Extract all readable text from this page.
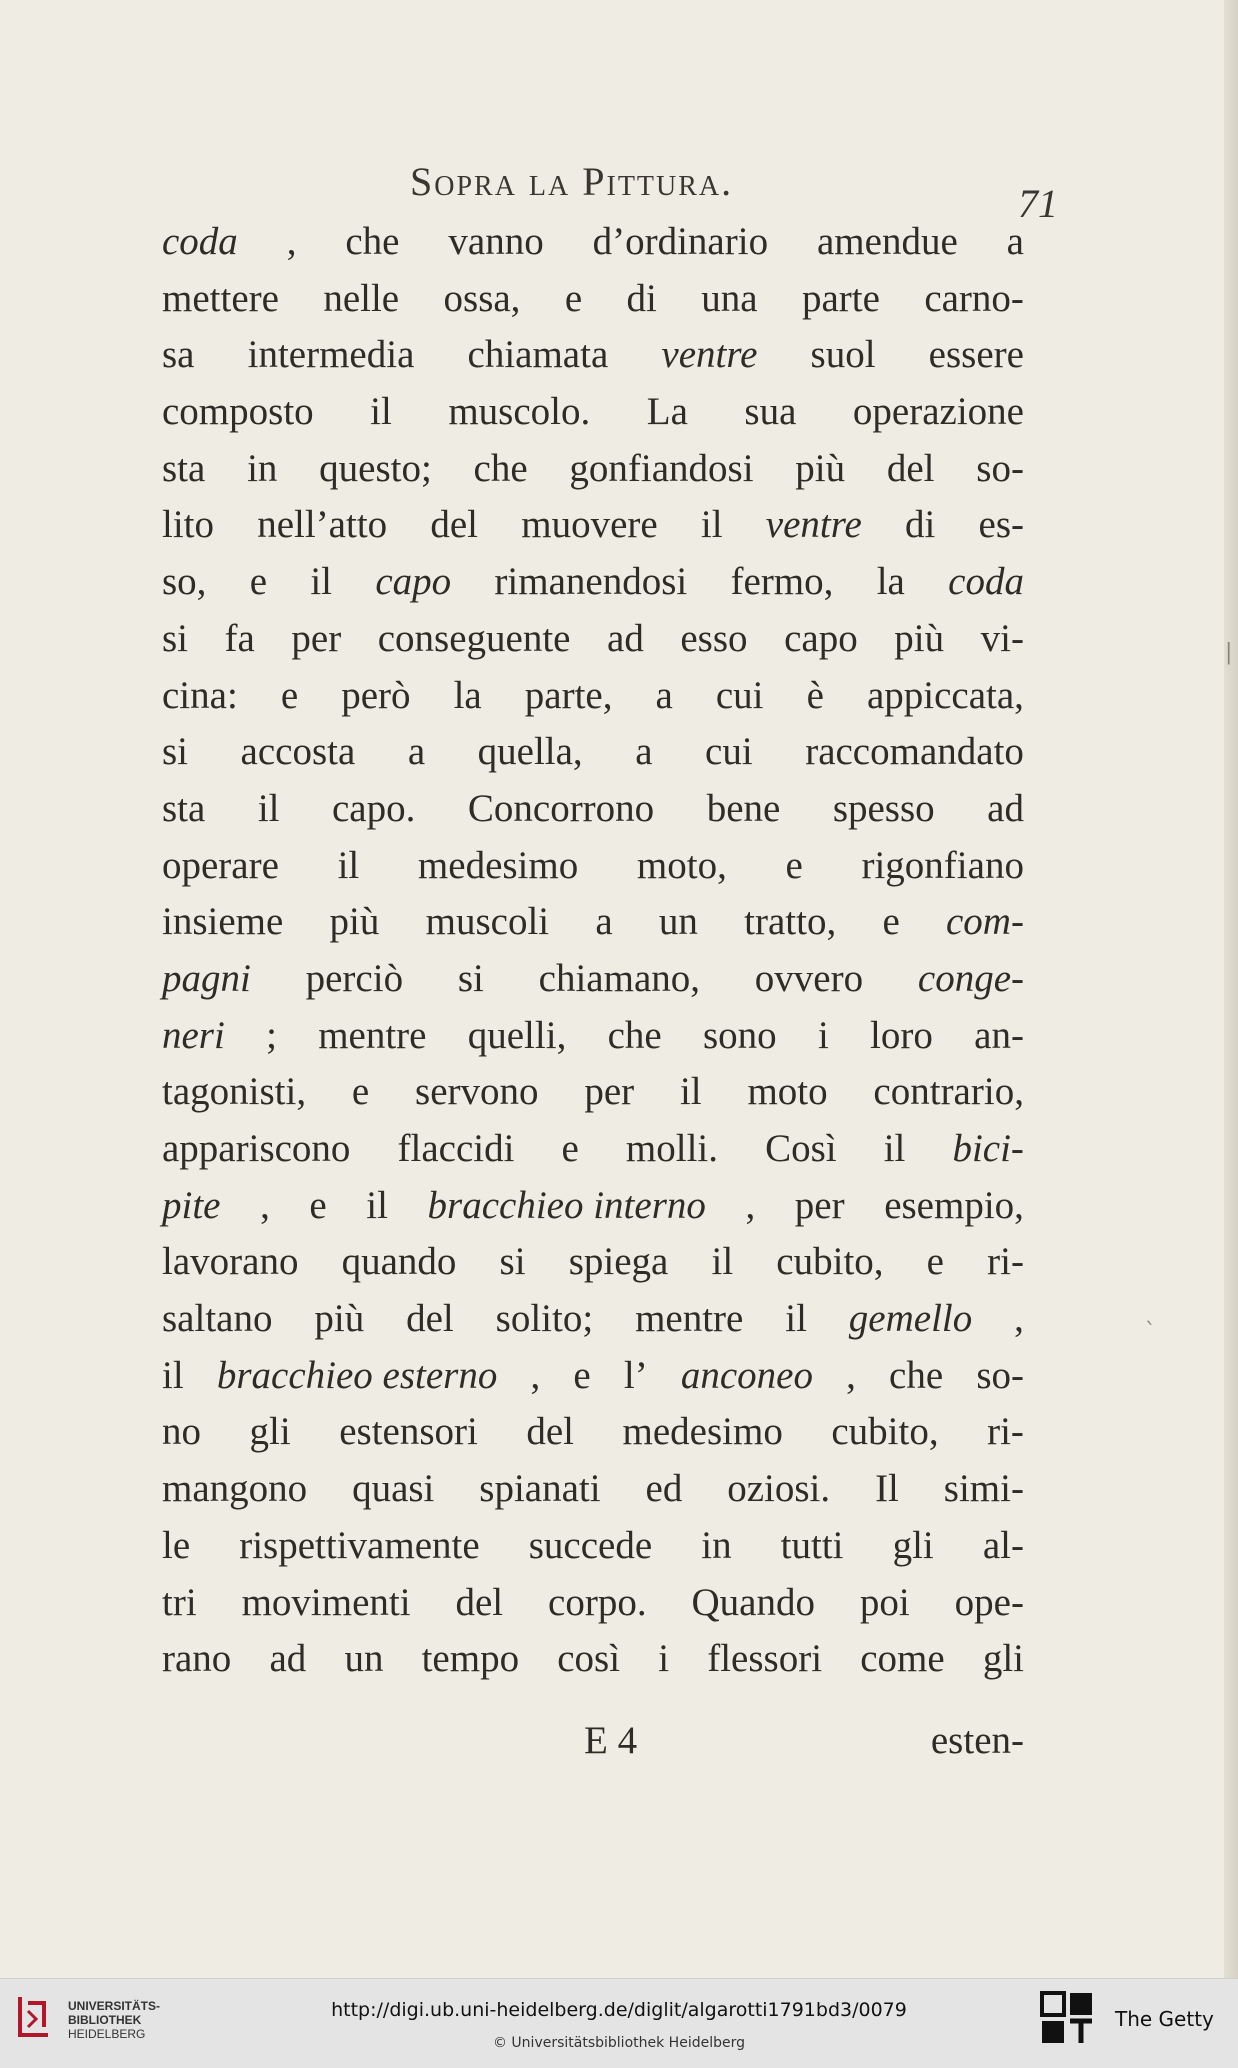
Sopra la Pittura.	71
coda , che vanno d’ordinario amendue a
mettere nelle ossa, e di una parte carno-
sa intermedia chiamata ventre suol essere
composto il muscolo. La sua operazione
sta in questo; che gonfiandosi più del so-
lito nell’atto del muovere il ventre di es-
so, e il capo rimanendosi fermo, la coda
si fa per conseguente ad esso capo più vi-
cina: e però la parte, a cui è appiccata,
si accosta a quella, a cui raccomandato
sta il capo. Concorrono bene spesso ad
operare il medesimo moto, e rigonfiano
insieme più muscoli a un tratto, e com-
pagni perciò si chiamano, ovvero conge-
neri ; mentre quelli, che sono i loro an-
tagonisti, e servono per il moto contrario,
appariscono flaccidi e molli. Così il bici-
pite , e il bracchieo interno , per esempio,
lavorano quando si spiega il cubito, e ri-
saltano più del solito; mentre il gemello ,
il bracchieo esterno , e l’ anconeo , che so-
no gli estensori del medesimo cubito, ri-
mangono quasi spianati ed oziosi. Il simi-
le rispettivamente succede in tutti gli al-
tri movimenti del corpo. Quando poi ope-
rano ad un tempo così i flessori come gli
E 4	esten-
|
`
UNIVERSITÄTS-
BIBLIOTHEK
HEIDELBERG
http://digi.ub.uni-heidelberg.de/diglit/algarotti1791bd3/0079
© Universitätsbibliothek Heidelberg
The Getty
